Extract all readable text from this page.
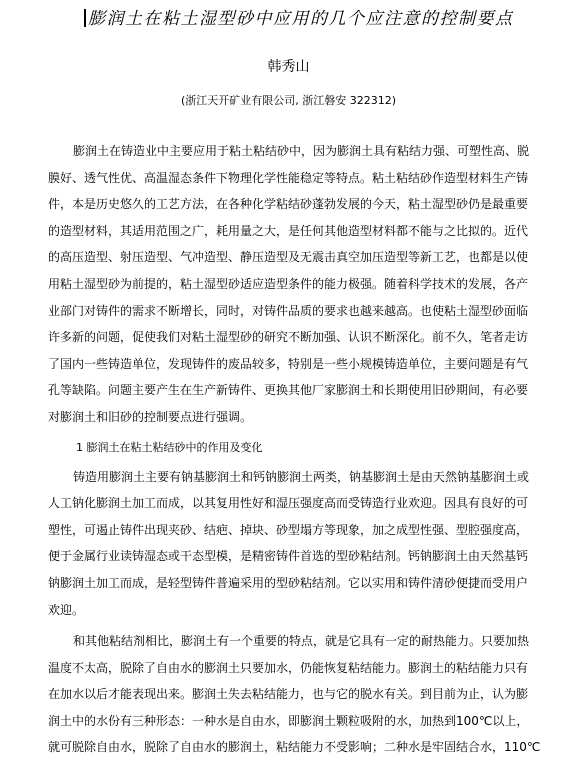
膨润土在粘土湿型砂中应用的几个应注意的控制要点
韩秀山
(浙江天开矿业有限公司, 浙江磐安 322312)
膨润土在铸造业中主要应用于粘土粘结砂中，因为膨润土具有粘结力强、可塑性高、脱
膜好、透气性优、高温湿态条件下物理化学性能稳定等特点。粘土粘结砂作造型材料生产铸
件，本是历史悠久的工艺方法，在各种化学粘结砂蓬勃发展的今天，粘土湿型砂仍是最重要
的造型材料，其适用范围之广，耗用量之大，是任何其他造型材料都不能与之比拟的。近代
的高压造型、射压造型、气冲造型、静压造型及无震击真空加压造型等新工艺，也都是以使
用粘土湿型砂为前提的，粘土湿型砂适应造型条件的能力极强。随着科学技术的发展，各产
业部门对铸件的需求不断增长，同时，对铸件品质的要求也越来越高。也使粘土湿型砂面临
许多新的问题，促使我们对粘土湿型砂的研究不断加强、认识不断深化。前不久，笔者走访
了国内一些铸造单位，发现铸件的废品较多，特别是一些小规模铸造单位，主要问题是有气
孔等缺陷。问题主要产生在生产新铸件、更换其他厂家膨润土和长期使用旧砂期间，有必要
对膨润土和旧砂的控制要点进行强调。
1 膨润土在粘土粘结砂中的作用及变化
铸造用膨润土主要有钠基膨润土和钙钠膨润土两类，钠基膨润土是由天然钠基膨润土或
人工钠化膨润土加工而成，以其复用性好和湿压强度高而受铸造行业欢迎。因具有良好的可
塑性，可遏止铸件出现夹砂、结疤、掉块、砂型塌方等现象，加之成型性强、型腔强度高，
便于金属行业读铸湿态或干态型模，是精密铸件首选的型砂粘结剂。钙钠膨润土由天然基钙
钠膨润土加工而成，是轻型铸件普遍采用的型砂粘结剂。它以实用和铸件清砂便捷而受用户
欢迎。
和其他粘结剂相比，膨润土有一个重要的特点，就是它具有一定的耐热能力。只要加热
温度不太高，脱除了自由水的膨润土只要加水，仍能恢复粘结能力。膨润土的粘结能力只有
在加水以后才能表现出来。膨润土失去粘结能力，也与它的脱水有关。到目前为止，认为膨
润土中的水份有三种形态：一种水是自由水，即膨润土颗粒吸附的水，加热到100℃以上，
就可脱除自由水，脱除了自由水的膨润土，粘结能力不受影响；二种水是牢固结合水，110℃
